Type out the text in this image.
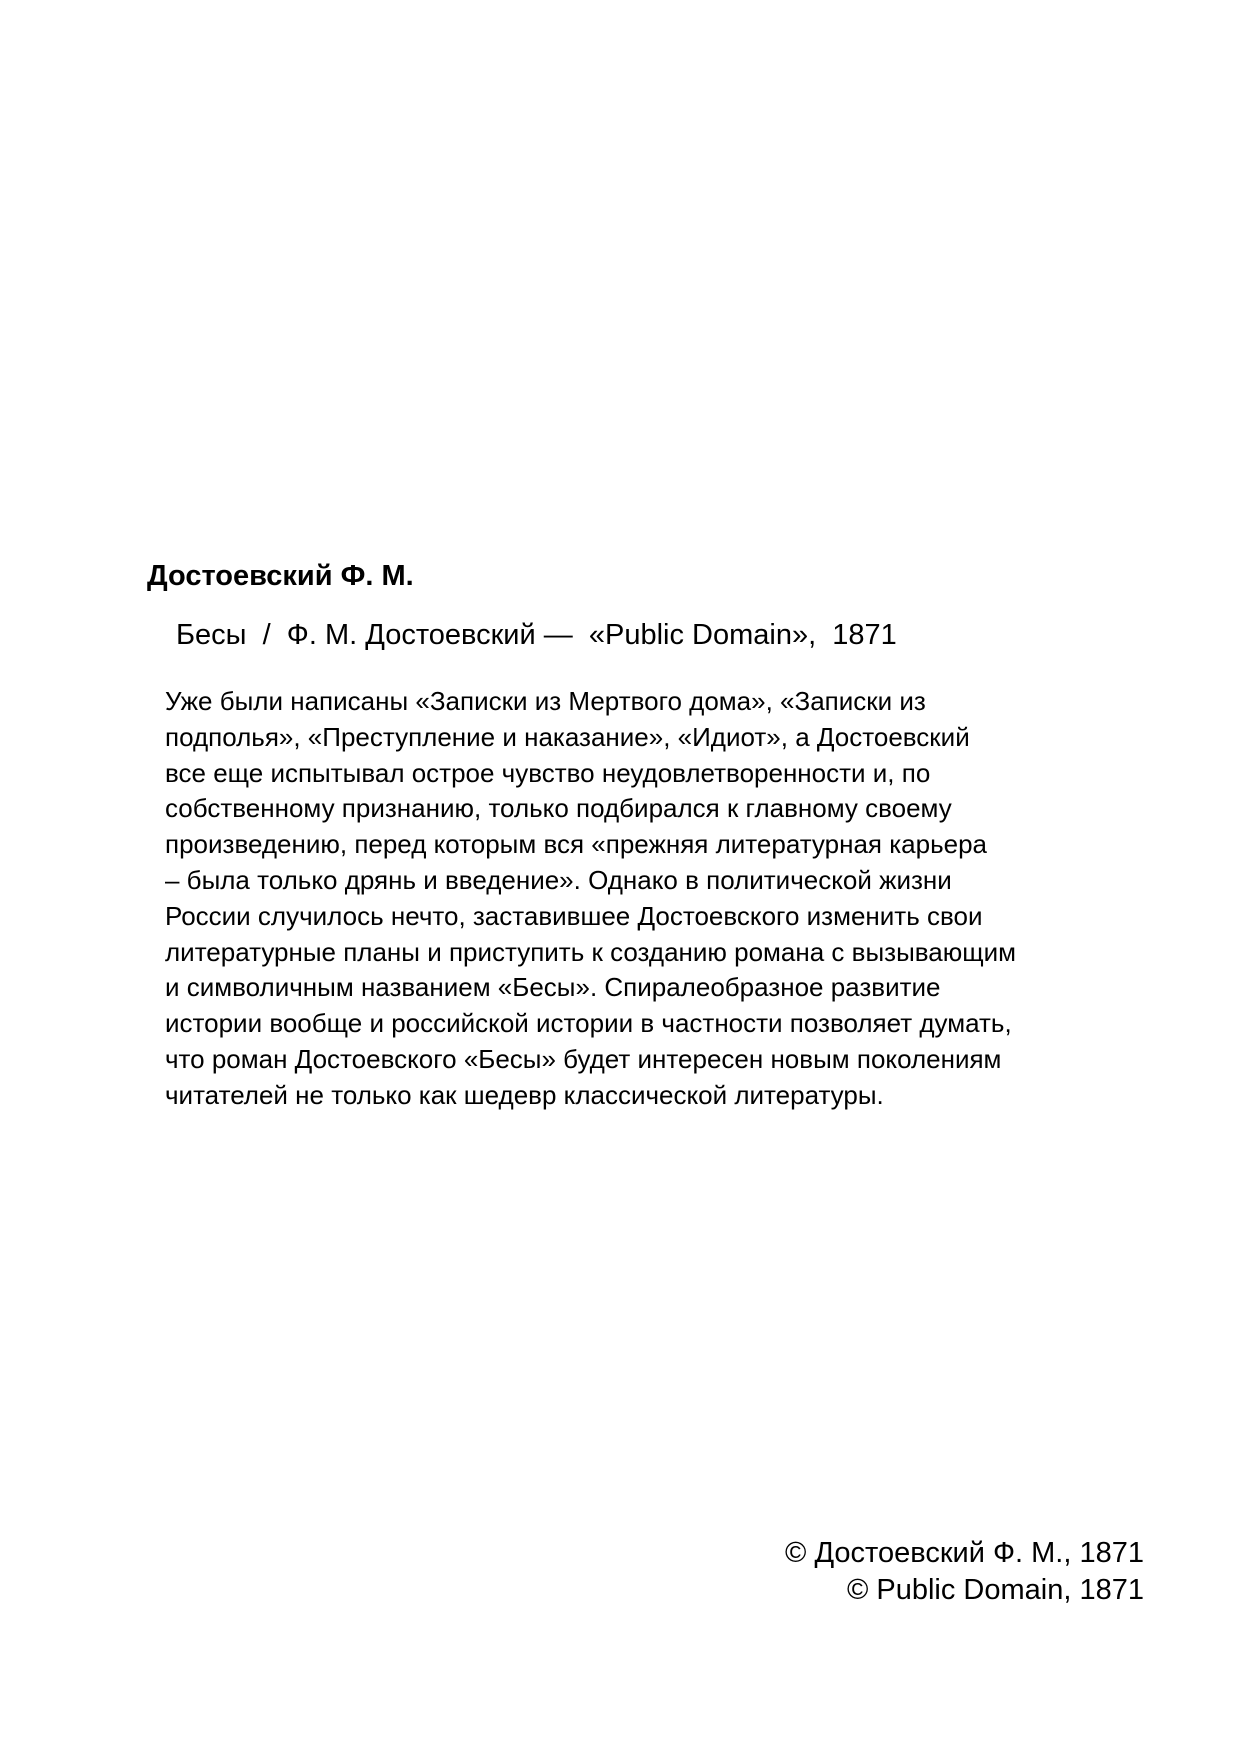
Достоевский Ф. М.
Бесы  /  Ф. М. Достоевский —  «Public Domain»,  1871
Уже были написаны «Записки из Мертвого дома», «Записки из
подполья», «Преступление и наказание», «Идиот», а Достоевский
все еще испытывал острое чувство неудовлетворенности и, по
собственному признанию, только подбирался к главному своему
произведению, перед которым вся «прежняя литературная карьера
– была только дрянь и введение». Однако в политической жизни
России случилось нечто, заставившее Достоевского изменить свои
литературные планы и приступить к созданию романа с вызывающим
и символичным названием «Бесы». Спиралеобразное развитие
истории вообще и российской истории в частности позволяет думать,
что роман Достоевского «Бесы» будет интересен новым поколениям
читателей не только как шедевр классической литературы.
© Достоевский Ф. М., 1871
© Public Domain, 1871
